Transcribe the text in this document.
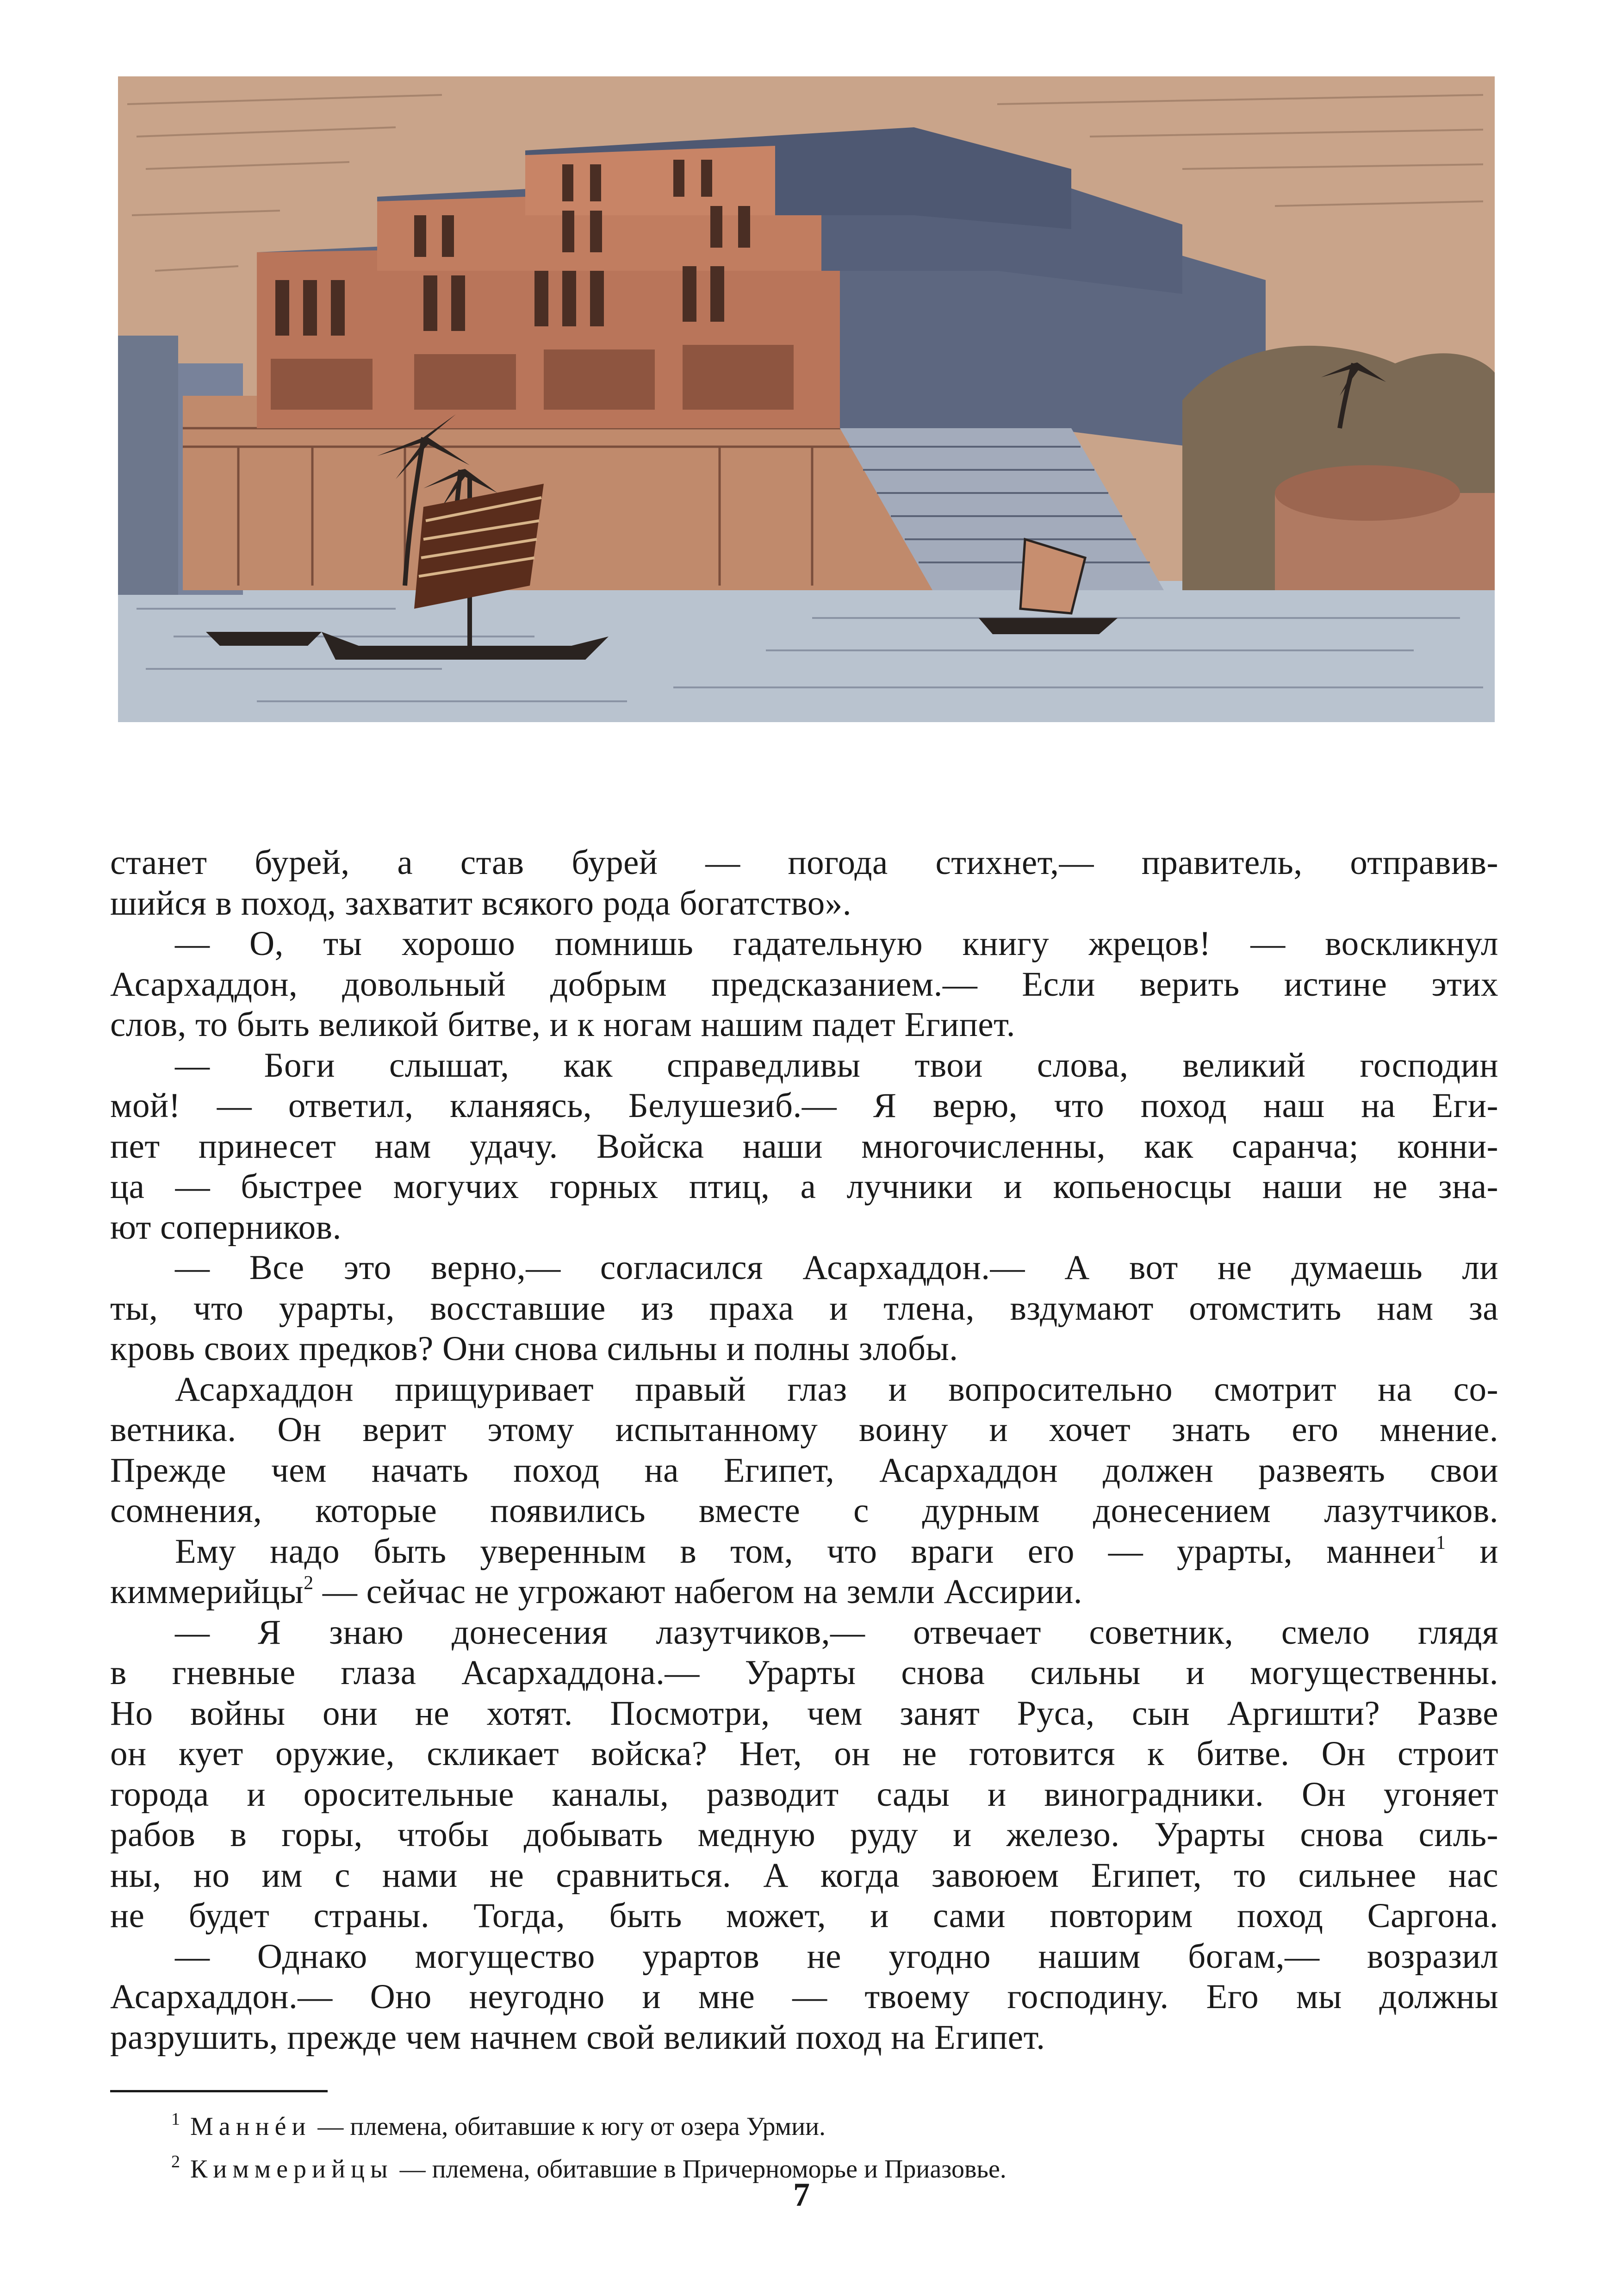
станет бурей, а став бурей — погода стихнет,— правитель, отправив-
шийся в поход, захватит всякого рода богатство».
— О, ты хорошо помнишь гадательную книгу жрецов! — воскликнул
Асархаддон, довольный добрым предсказанием.— Если верить истине этих
слов, то быть великой битве, и к ногам нашим падет Египет.
— Боги слышат, как справедливы твои слова, великий господин
мой! — ответил, кланяясь, Белушезиб.— Я верю, что поход наш на Еги-
пет принесет нам удачу. Войска наши многочисленны, как саранча; конни-
ца — быстрее могучих горных птиц, а лучники и копьеносцы наши не зна-
ют соперников.
— Все это верно,— согласился Асархаддон.— А вот не думаешь ли
ты, что урарты, восставшие из праха и тлена, вздумают отомстить нам за
кровь своих предков? Они снова сильны и полны злобы.
Асархаддон прищуривает правый глаз и вопросительно смотрит на со-
ветника. Он верит этому испытанному воину и хочет знать его мнение.
Прежде чем начать поход на Египет, Асархаддон должен развеять свои
сомнения, которые появились вместе с дурным донесением лазутчиков.
Ему надо быть уверенным в том, что враги его — урарты, маннеи$^1$ и
киммерийцы$^2$ — сейчас не угрожают набегом на земли Ассирии.
— Я знаю донесения лазутчиков,— отвечает советник, смело глядя
в гневные глаза Асархаддона.— Урарты снова сильны и могущественны.
Но войны они не хотят. Посмотри, чем занят Руса, сын Аргишти? Разве
он кует оружие, скликает войска? Нет, он не готовится к битве. Он строит
города и оросительные каналы, разводит сады и виноградники. Он угоняет
рабов в горы, чтобы добывать медную руду и железо. Урарты снова силь-
ны, но им с нами не сравниться. А когда завоюем Египет, то сильнее нас
не будет страны. Тогда, быть может, и сами повторим поход Саргона.
— Однако могущество урартов не угодно нашим богам,— возразил
Асархаддон.— Оно неугодно и мне — твоему господину. Его мы должны
разрушить, прежде чем начнем свой великий поход на Египет.
$^1$ Маннéи — племена, обитавшие к югу от озера Урмии.
$^2$ Киммерийцы — племена, обитавшие в Причерноморье и Приазовье.
7
